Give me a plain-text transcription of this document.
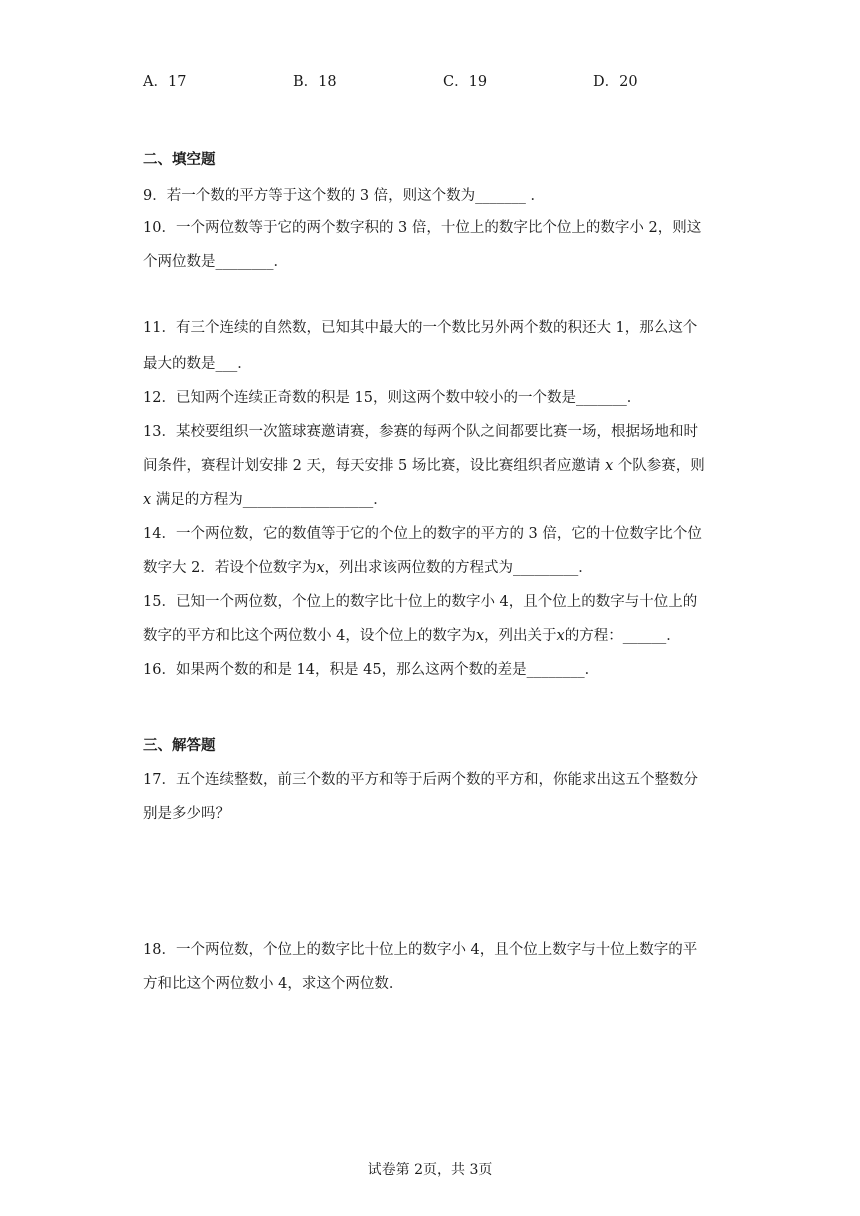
A．17	B．18	C．19	D．20
二、填空题
9．若一个数的平方等于这个数的 3 倍，则这个数为_______ ．
10．一个两位数等于它的两个数字积的 3 倍，十位上的数字比个位上的数字小 2，则这
个两位数是________．
11．有三个连续的自然数，已知其中最大的一个数比另外两个数的积还大 1，那么这个
最大的数是___．
12．已知两个连续正奇数的积是 15，则这两个数中较小的一个数是_______．
13．某校要组织一次篮球赛邀请赛，参赛的每两个队之间都要比赛一场，根据场地和时
间条件，赛程计划安排 2 天，每天安排 5 场比赛，设比赛组织者应邀请 x 个队参赛，则
x 满足的方程为__________________．
14．一个两位数，它的数值等于它的个位上的数字的平方的 3 倍，它的十位数字比个位
数字大 2．若设个位数字为x，列出求该两位数的方程式为_________．
15．已知一个两位数，个位上的数字比十位上的数字小 4，且个位上的数字与十位上的
数字的平方和比这个两位数小 4，设个位上的数字为x，列出关于x的方程：______．
16．如果两个数的和是 14，积是 45，那么这两个数的差是________．
三、解答题
17．五个连续整数，前三个数的平方和等于后两个数的平方和，你能求出这五个整数分
别是多少吗？
18．一个两位数，个位上的数字比十位上的数字小 4，且个位上数字与十位上数字的平
方和比这个两位数小 4，求这个两位数．
试卷第 2页，共 3页
